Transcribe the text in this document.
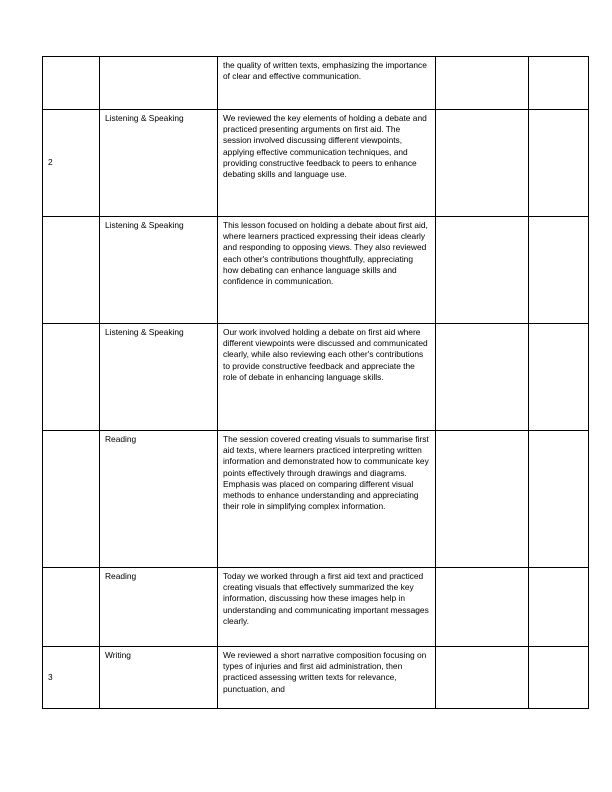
		the quality of written texts, emphasizing the importance of clear and effective communication.		
2	Listening & Speaking	We reviewed the key elements of holding a debate and practiced presenting arguments on first aid. The session involved discussing different viewpoints, applying effective communication techniques, and providing constructive feedback to peers to enhance debating skills and language use.		
	Listening & Speaking	This lesson focused on holding a debate about first aid, where learners practiced expressing their ideas clearly and responding to opposing views. They also reviewed each other's contributions thoughtfully, appreciating how debating can enhance language skills and confidence in communication.		
	Listening & Speaking	Our work involved holding a debate on first aid where different viewpoints were discussed and communicated clearly, while also reviewing each other's contributions to provide constructive feedback and appreciate the role of debate in enhancing language skills.		
	Reading	The session covered creating visuals to summarise first aid texts, where learners practiced interpreting written information and demonstrated how to communicate key points effectively through drawings and diagrams. Emphasis was placed on comparing different visual methods to enhance understanding and appreciating their role in simplifying complex information.		
	Reading	Today we worked through a first aid text and practiced creating visuals that effectively summarized the key information, discussing how these images help in understanding and communicating important messages clearly.		
3	Writing	We reviewed a short narrative composition focusing on types of injuries and first aid administration, then practiced assessing written texts for relevance, punctuation, and		
